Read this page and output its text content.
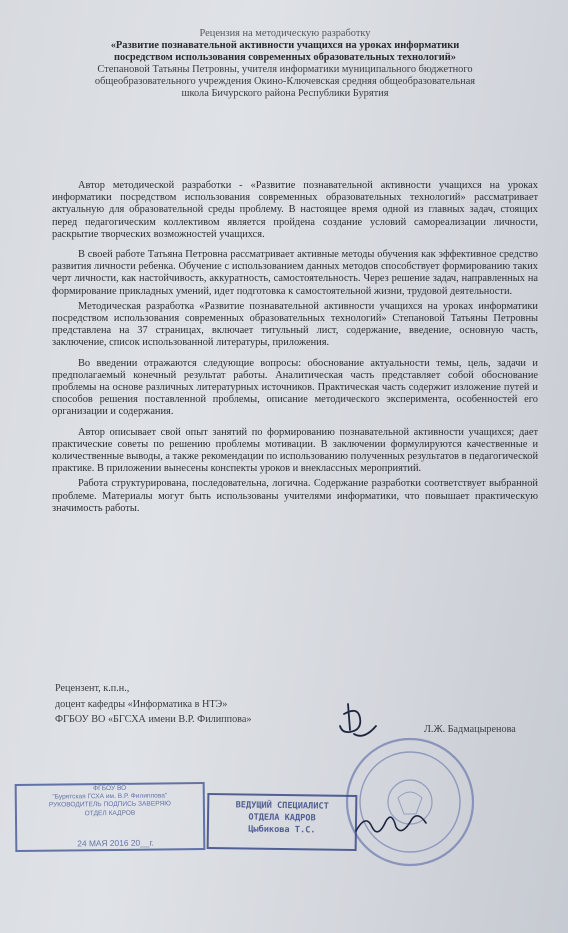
Рецензия на методическую разработку
«Развитие познавательной активности учащихся на уроках информатики
посредством использования современных образовательных технологий»
Степановой Татьяны Петровны, учителя информатики муниципального бюджетного
общеобразовательного учреждения Окино-Ключевская средняя общеобразовательная
школа Бичурского района Республики Бурятия

Автор методической разработки - «Развитие познавательной активности учащихся на уроках информатики посредством использования современных образовательных технологий» рассматривает актуальную для образовательной среды проблему. В настоящее время одной из главных задач, стоящих перед педагогическим коллективом является пройдена создание условий самореализации личности, раскрытие творческих возможностей учащихся.

В своей работе Татьяна Петровна рассматривает активные методы обучения как эффективное средство развития личности ребенка. Обучение с использованием данных методов способствует формированию таких черт личности, как настойчивость, аккуратность, самостоятельность. Через решение задач, направленных на формирование прикладных умений, идет подготовка к самостоятельной жизни, трудовой деятельности.

Методическая разработка «Развитие познавательной активности учащихся на уроках информатики посредством использования современных образовательных технологий» Степановой Татьяны Петровны представлена на 37 страницах, включает титульный лист, содержание, введение, основную часть, заключение, список использованной литературы, приложения.

Во введении отражаются следующие вопросы: обоснование актуальности темы, цель, задачи и предполагаемый конечный результат работы. Аналитическая часть представляет собой обоснование проблемы на основе различных литературных источников. Практическая часть содержит изложение путей и способов решения поставленной проблемы, описание методического эксперимента, особенностей его организации и содержания.

Автор описывает свой опыт занятий по формированию познавательной активности учащихся; дает практические советы по решению проблемы мотивации. В заключении формулируются качественные и количественные выводы, а также рекомендации по использованию полученных результатов в педагогической практике. В приложении вынесены конспекты уроков и внеклассных мероприятий.

Работа структурирована, последовательна, логична. Содержание разработки соответствует выбранной проблеме. Материалы могут быть использованы учителями информатики, что повышает практическую значимость работы.

Рецензент, к.п.н.,
доцент кафедры «Информатика в НТЭ»
ФГБОУ ВО «БГСХА имени В.Р. Филиппова»
Л.Ж. Бадмацыренова
ФГБОУ ВО
"Бурятская ГСХА им. В.Р. Филиппова"
РУКОВОДИТЕЛЬ ПОДПИСЬ ЗАВЕРЯЮ
ОТДЕЛ КАДРОВ
24 МАЯ 2016 20__г.
ВЕДУЩИЙ СПЕЦИАЛИСТ
ОТДЕЛА КАДРОВ
Цыбикова Т.С.
